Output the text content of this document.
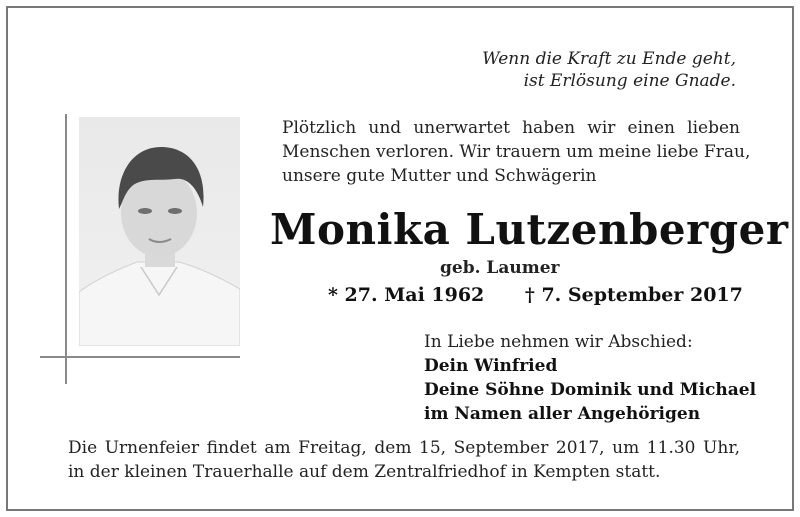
Wenn die Kraft zu Ende geht,
ist Erlösung eine Gnade.
Plötzlich und unerwartet haben wir einen lieben
Menschen verloren. Wir trauern um meine liebe Frau,
unsere gute Mutter und Schwägerin
Monika Lutzenberger
geb. Laumer
* 27. Mai 1962 † 7. September 2017
In Liebe nehmen wir Abschied:
Dein Winfried
Deine Söhne Dominik und Michael
im Namen aller Angehörigen
Die Urnenfeier findet am Freitag, dem 15, September 2017, um 11.30 Uhr,
in der kleinen Trauerhalle auf dem Zentralfriedhof in Kempten statt.
